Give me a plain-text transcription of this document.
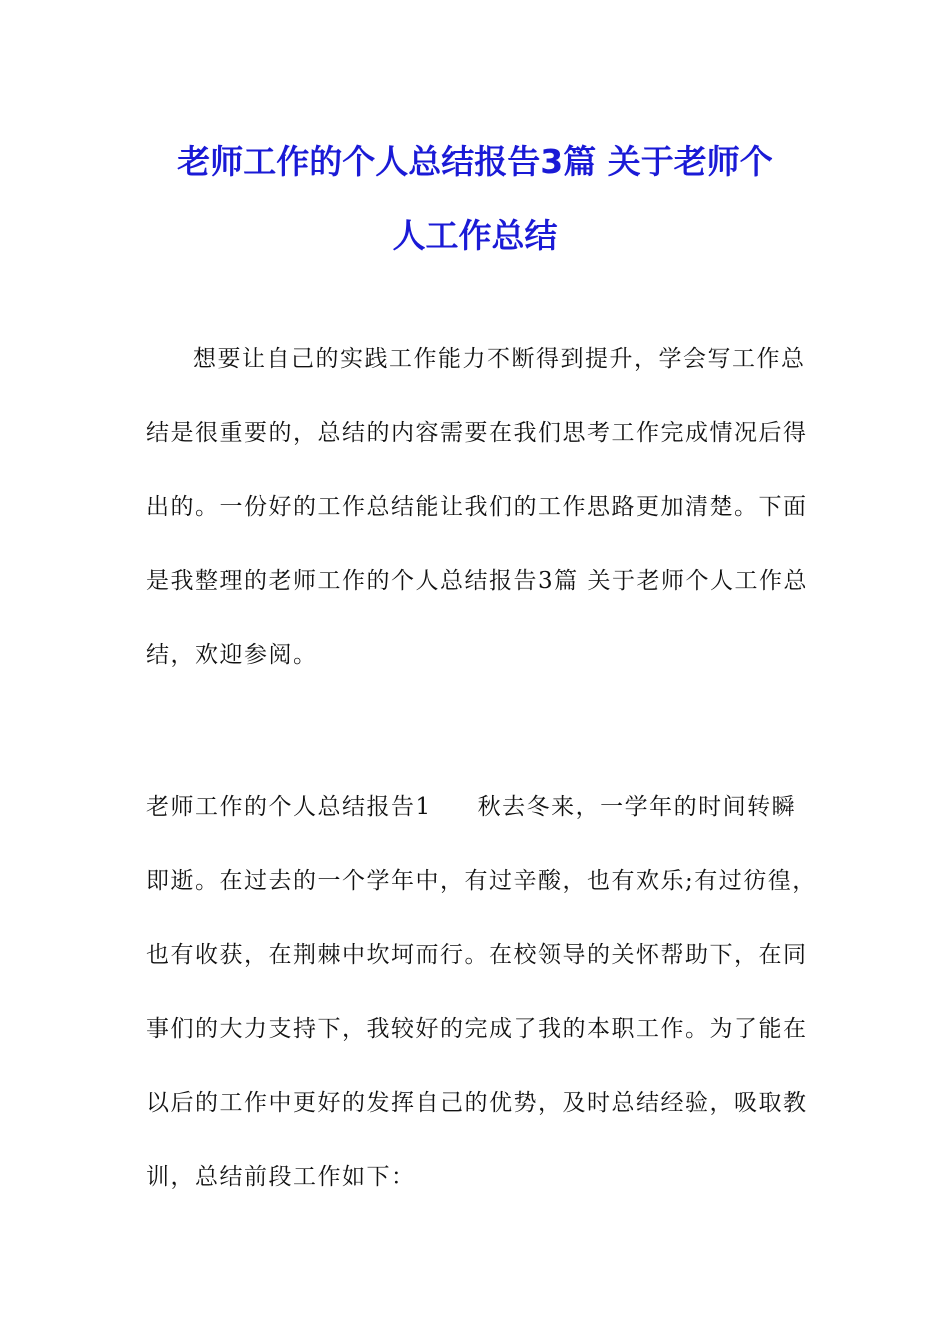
老师工作的个人总结报告3篇 关于老师个
人工作总结
想要让自己的实践工作能力不断得到提升，学会写工作总
结是很重要的，总结的内容需要在我们思考工作完成情况后得
出的。一份好的工作总结能让我们的工作思路更加清楚。下面
是我整理的老师工作的个人总结报告3篇 关于老师个人工作总
结，欢迎参阅。
老师工作的个人总结报告1 秋去冬来，一学年的时间转瞬
即逝。在过去的一个学年中，有过辛酸，也有欢乐;有过彷徨，
也有收获，在荆棘中坎坷而行。在校领导的关怀帮助下，在同
事们的大力支持下，我较好的完成了我的本职工作。为了能在
以后的工作中更好的发挥自己的优势，及时总结经验，吸取教
训，总结前段工作如下：
